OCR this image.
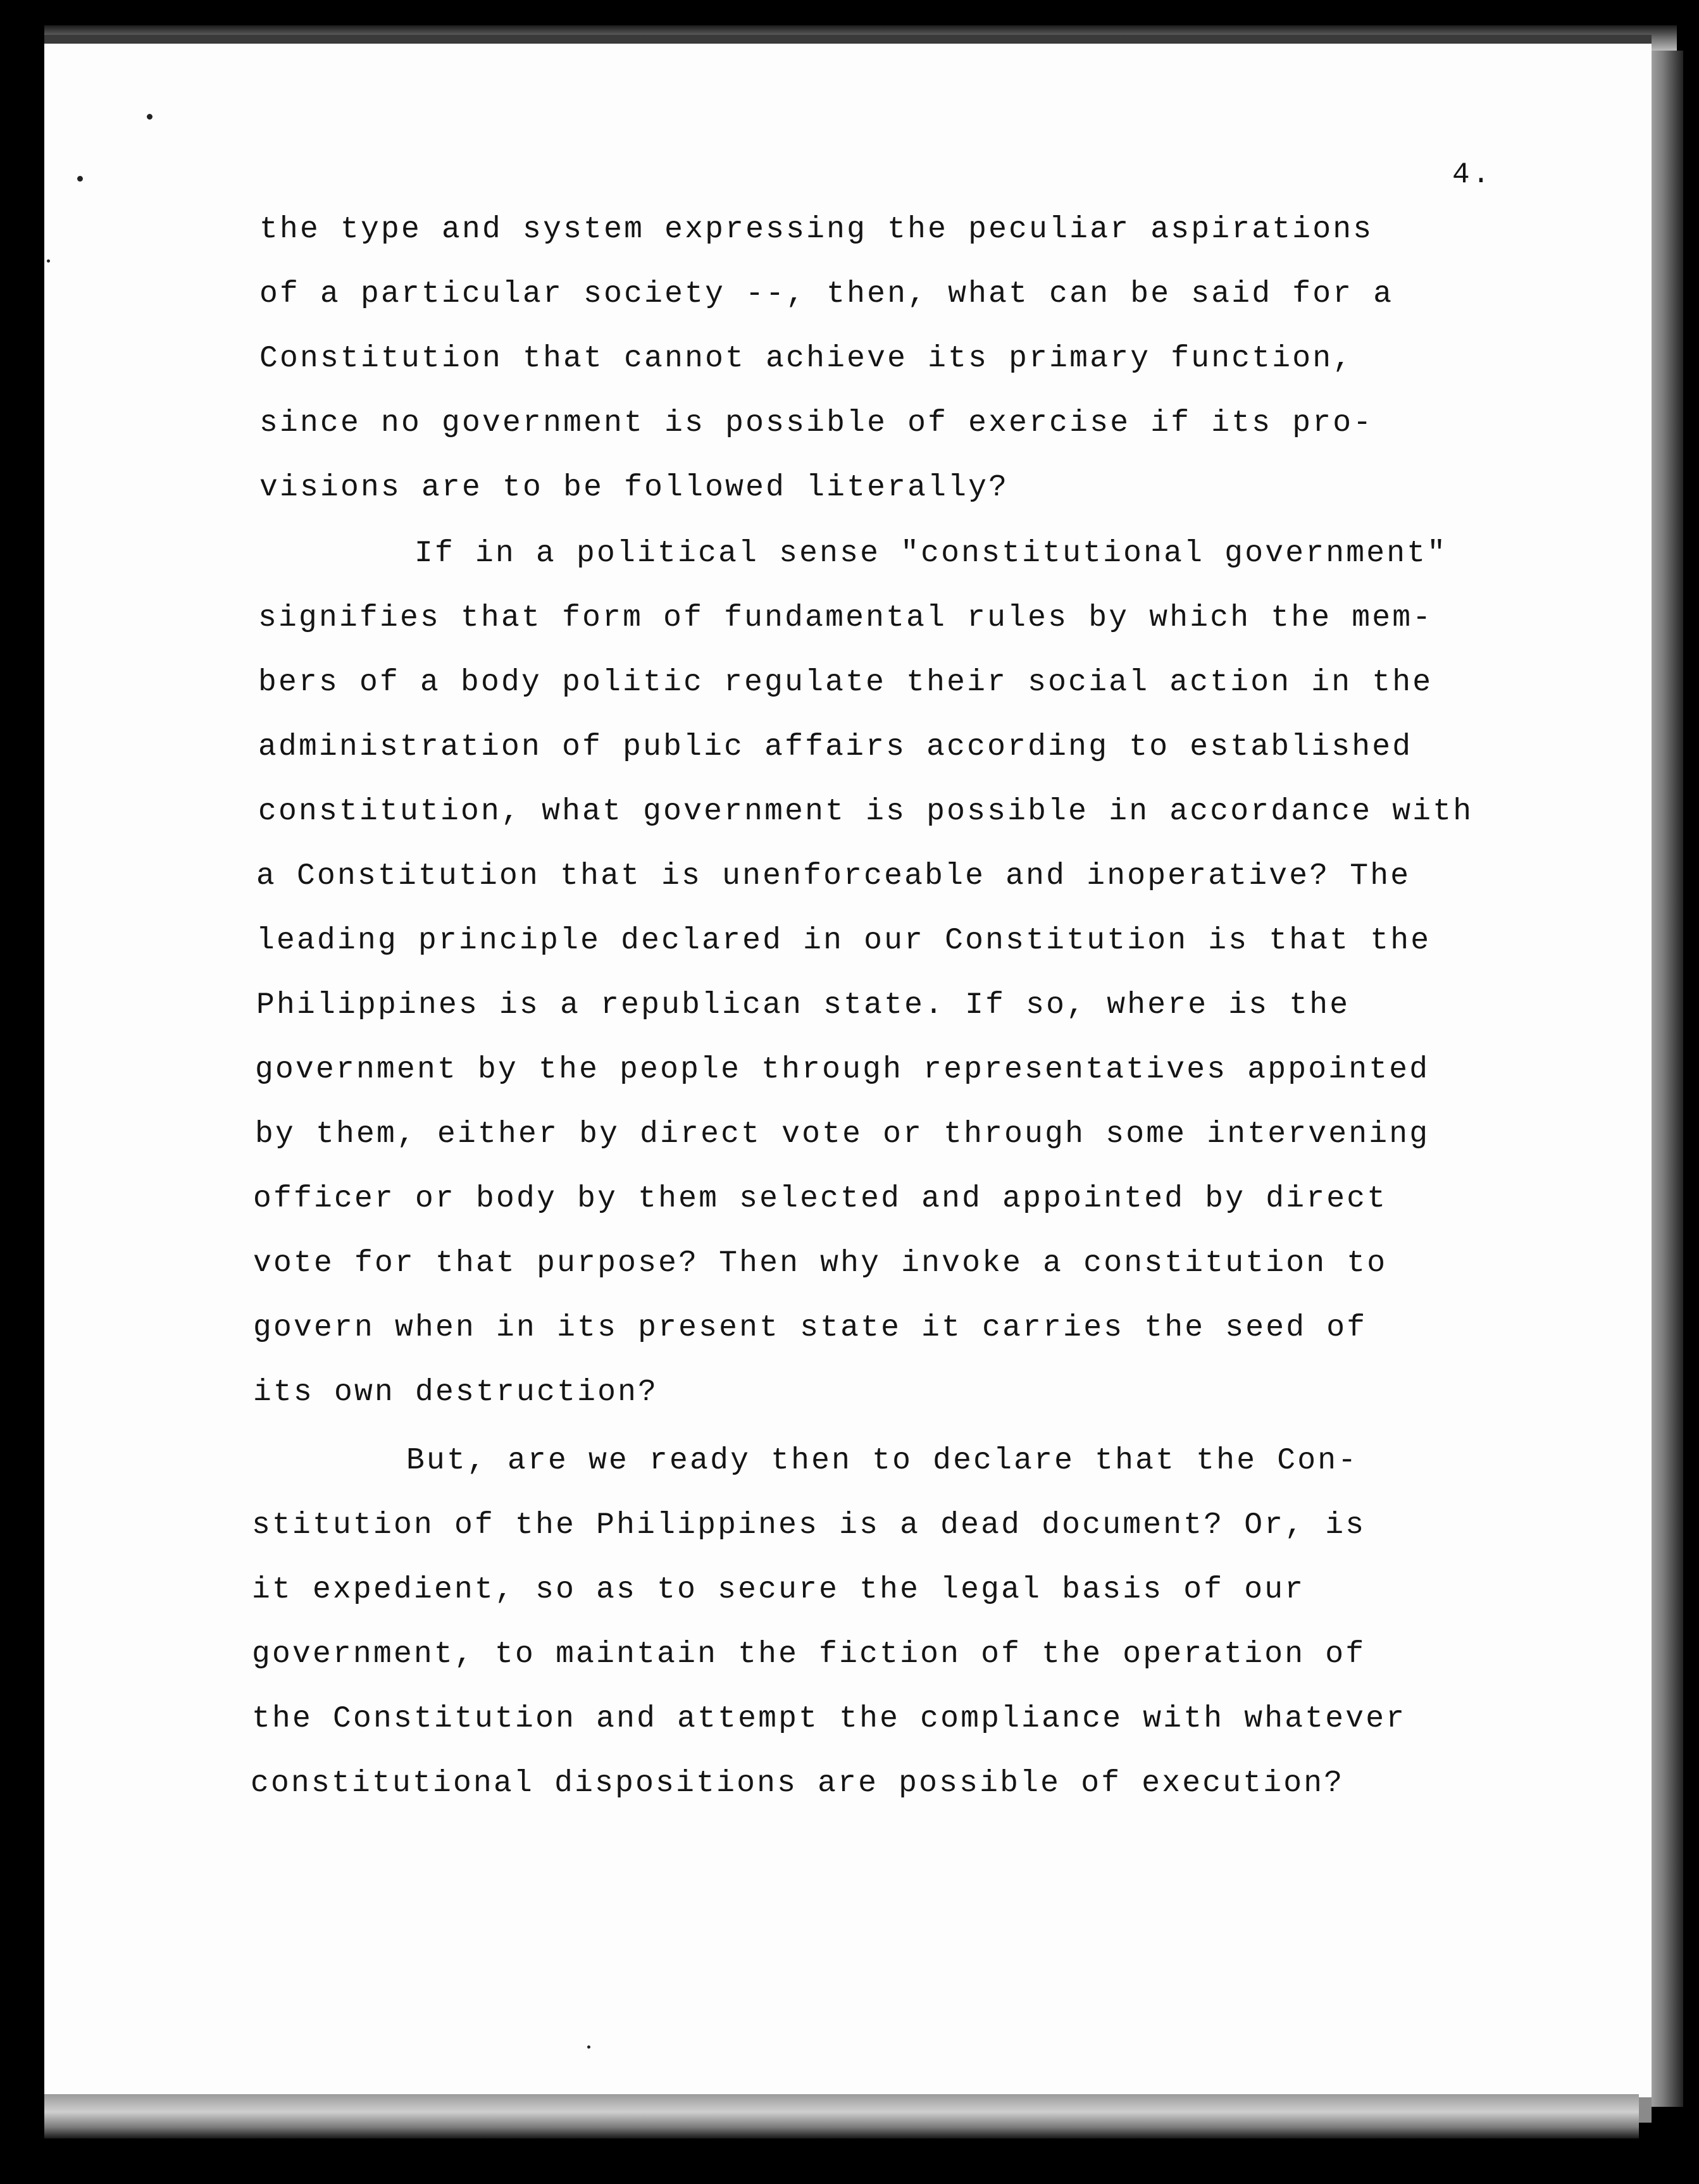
4.
the type and system expressing the peculiar aspirations
of a particular society --, then, what can be said for a
Constitution that cannot achieve its primary function,
since no government is possible of exercise if its pro-
visions are to be followed literally?
If in a political sense "constitutional government"
signifies that form of fundamental rules by which the mem-
bers of a body politic regulate their social action in the
administration of public affairs according to established
constitution, what government is possible in accordance with
a Constitution that is unenforceable and inoperative? The
leading principle declared in our Constitution is that the
Philippines is a republican state. If so, where is the
government by the people through representatives appointed
by them, either by direct vote or through some intervening
officer or body by them selected and appointed by direct
vote for that purpose? Then why invoke a constitution to
govern when in its present state it carries the seed of
its own destruction?
But, are we ready then to declare that the Con-
stitution of the Philippines is a dead document? Or, is
it expedient, so as to secure the legal basis of our
government, to maintain the fiction of the operation of
the Constitution and attempt the compliance with whatever
constitutional dispositions are possible of execution?
